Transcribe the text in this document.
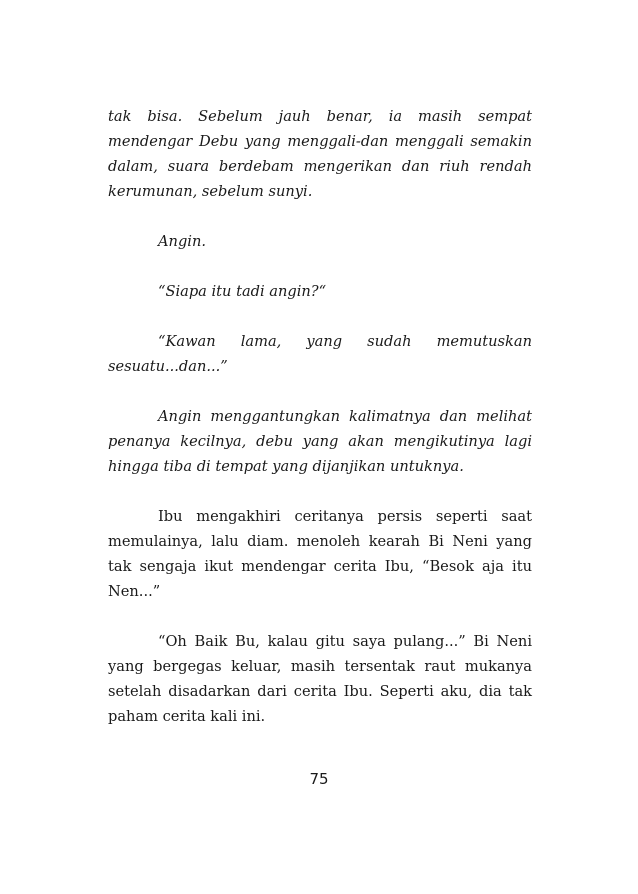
tak bisa. Sebelum jauh benar, ia masih sempat mendengar Debu yang menggali-dan menggali semakin dalam, suara berdebam mengerikan dan riuh rendah kerumunan, sebelum sunyi.

Angin.

“Siapa itu tadi angin?“

“Kawan lama, yang sudah memutuskan sesuatu...dan...”

Angin menggantungkan kalimatnya dan melihat penanya kecilnya, debu yang akan mengikutinya lagi hingga tiba di tempat yang dijanjikan untuknya.

Ibu mengakhiri ceritanya persis seperti saat memulainya, lalu diam. menoleh kearah Bi Neni yang tak sengaja ikut mendengar cerita Ibu, “Besok aja itu Nen...”

“Oh Baik Bu, kalau gitu saya pulang...” Bi Neni yang bergegas keluar, masih tersentak raut mukanya setelah disadarkan dari cerita Ibu. Seperti aku, dia tak paham cerita kali ini.

75
